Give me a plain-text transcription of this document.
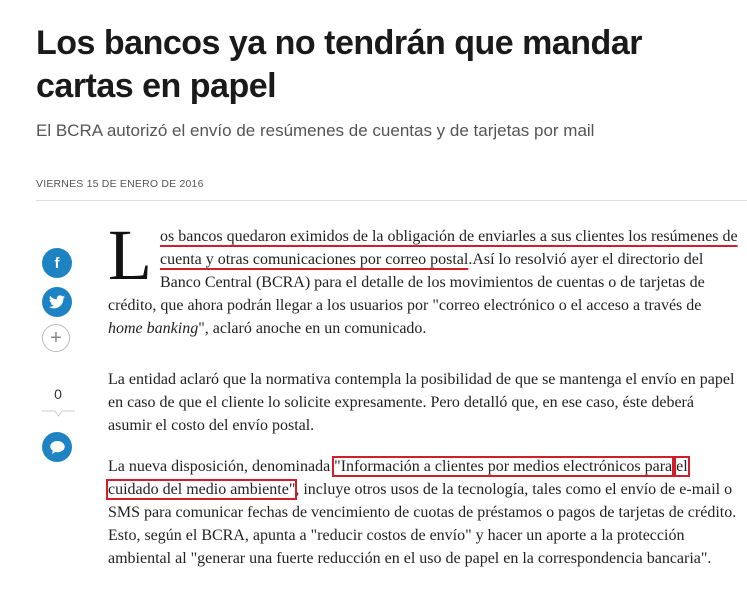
Los bancos ya no tendrán que mandar cartas en papel

El BCRA autorizó el envío de resúmenes de cuentas y de tarjetas por mail

VIERNES 15 DE ENERO DE 2016
f
+
0

L os bancos quedaron eximidos de la obligación de enviarles a sus clientes los resúmenes de cuenta y otras comunicaciones por correo postal.Así lo resolvió ayer el directorio del Banco Central (BCRA) para el detalle de los movimientos de cuentas o de tarjetas de crédito, que ahora podrán llegar a los usuarios por "correo electrónico o el acceso a través de home banking", aclaró anoche en un comunicado.

La entidad aclaró que la normativa contempla la posibilidad de que se mantenga el envío en papel en caso de que el cliente lo solicite expresamente. Pero detalló que, en ese caso, éste deberá asumir el costo del envío postal.

La nueva disposición, denominada "Información a clientes por medios electrónicos para el cuidado del medio ambiente", incluye otros usos de la tecnología, tales como el envío de e-mail o SMS para comunicar fechas de vencimiento de cuotas de préstamos o pagos de tarjetas de crédito. Esto, según el BCRA, apunta a "reducir costos de envío" y hacer un aporte a la protección ambiental al "generar una fuerte reducción en el uso de papel en la correspondencia bancaria".
